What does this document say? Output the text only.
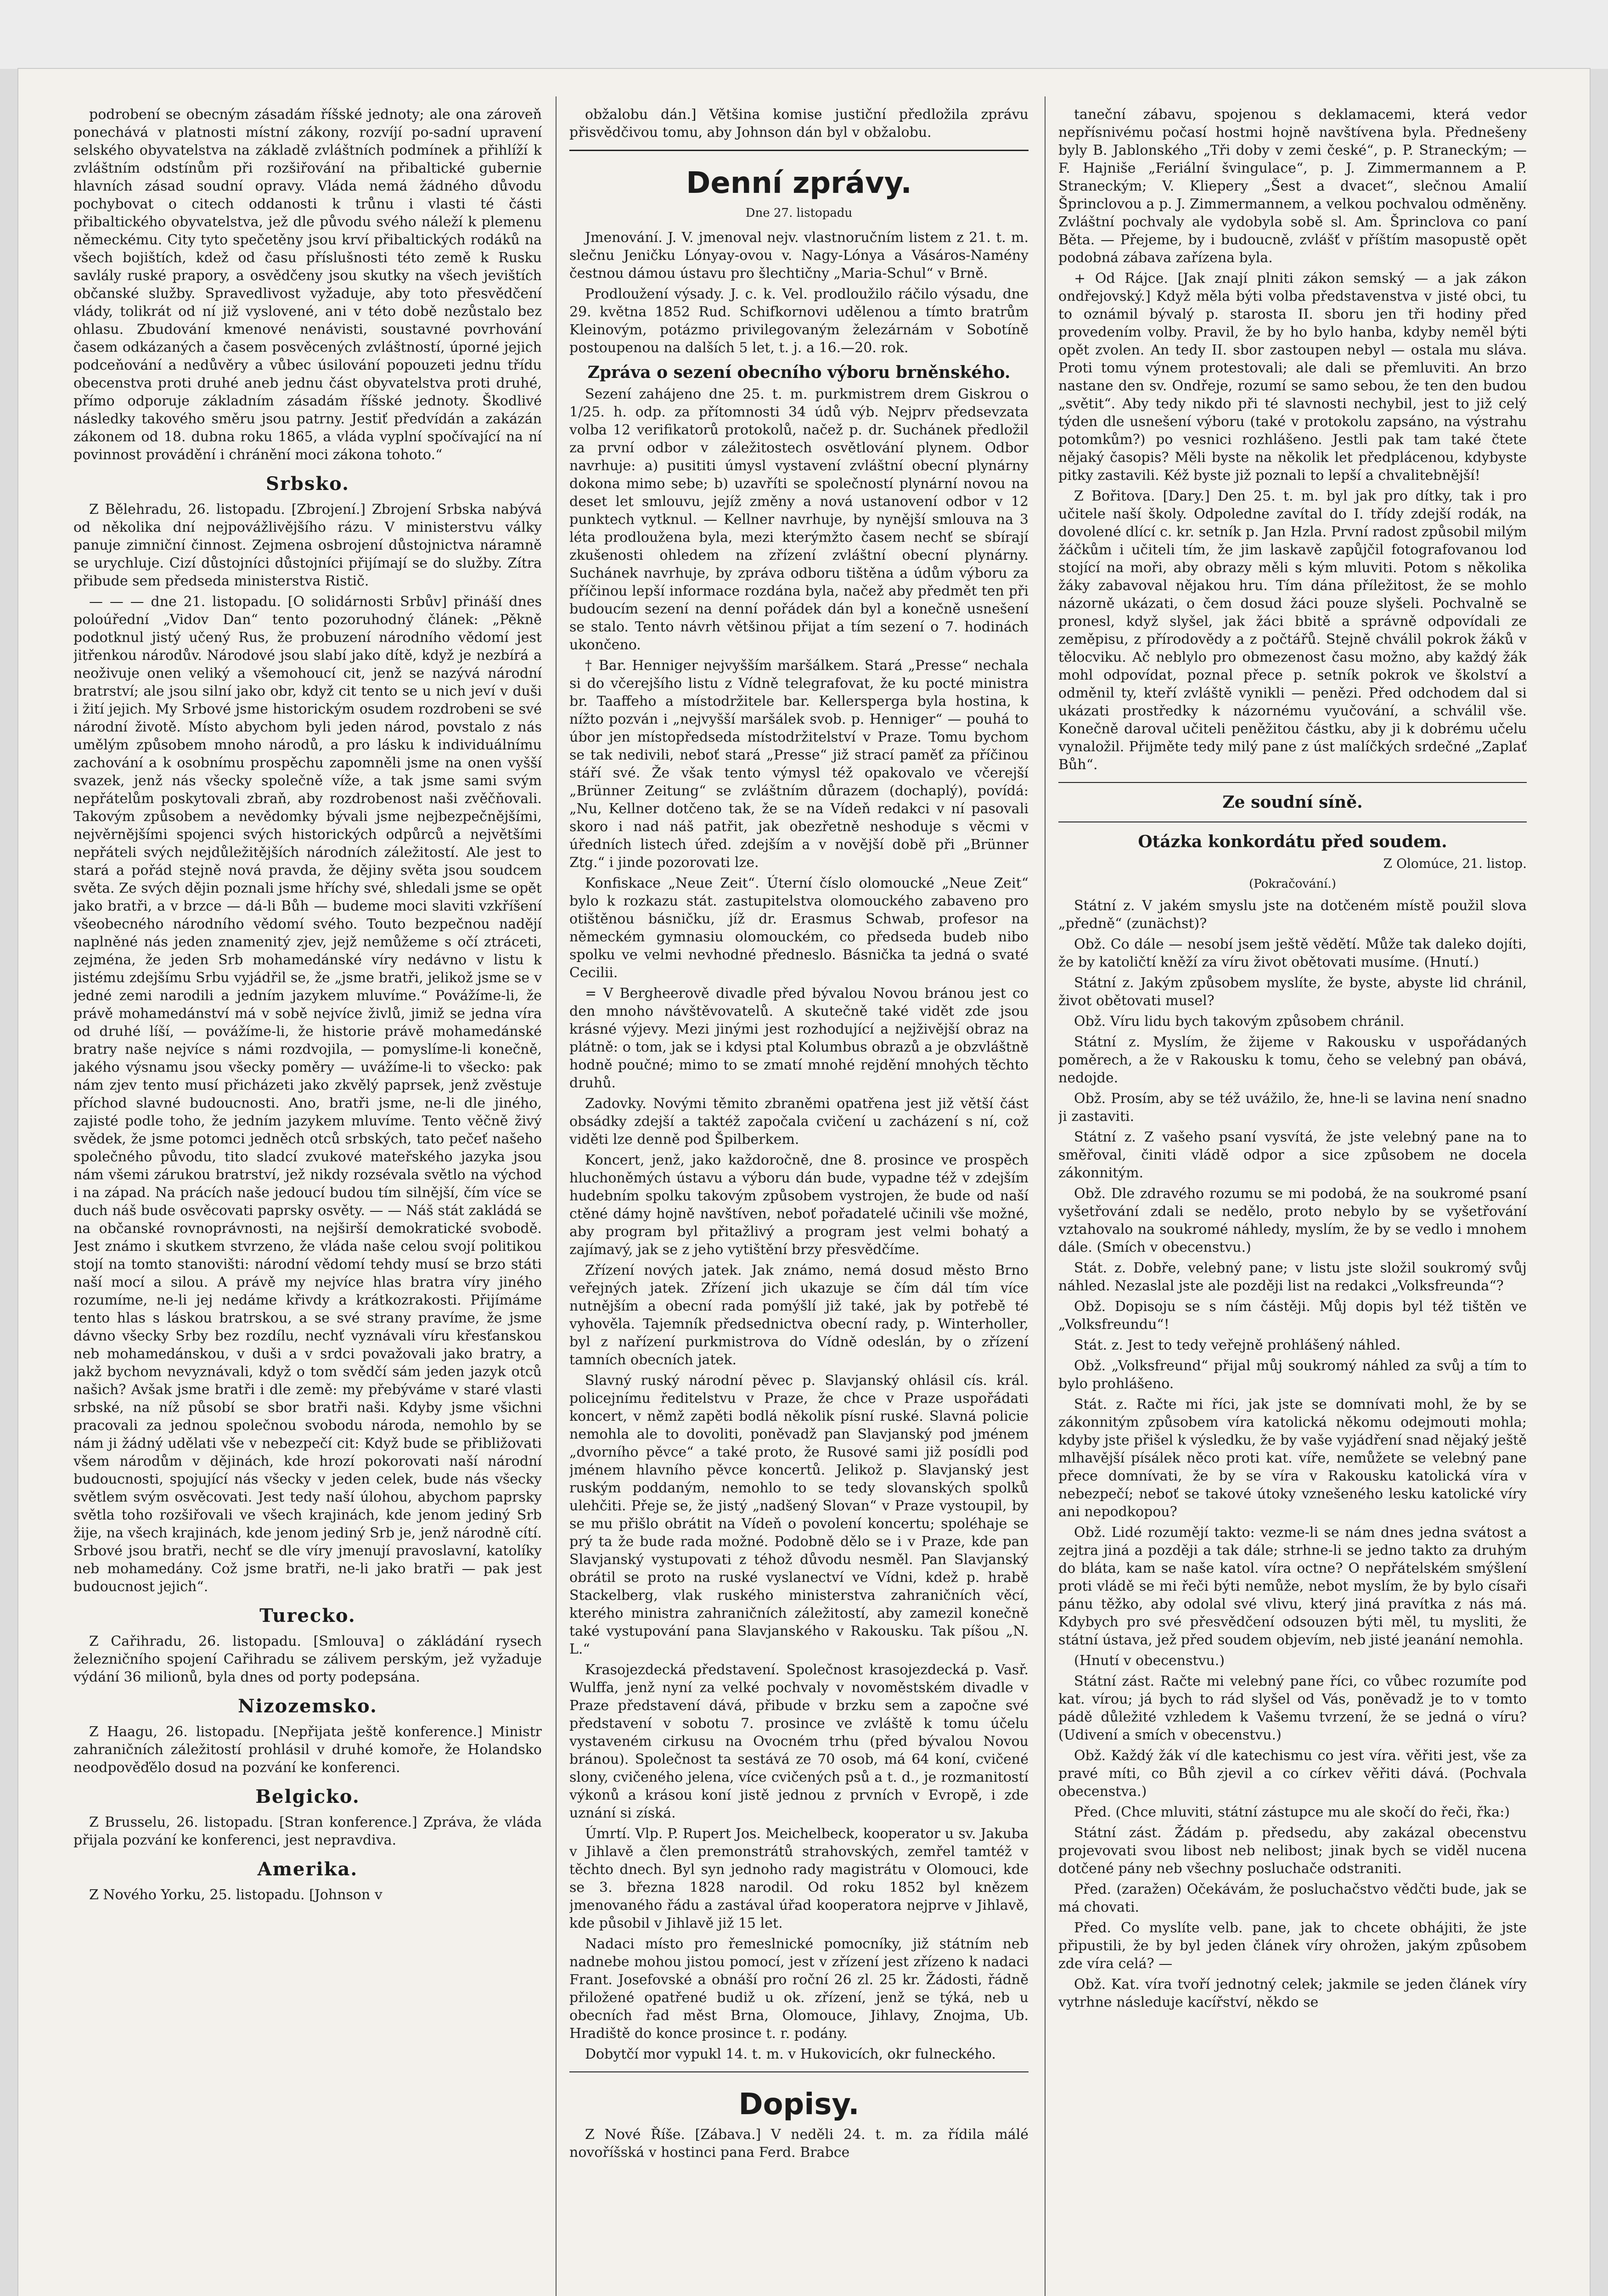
podrobení se obecným zásadám říšské jednoty; ale ona zároveň ponechává v platnosti místní zákony, rozvíjí po-sadní upravení selského obyvatelstva na základě zvláštních podmínek a přihlíží k zvláštním odstínům při rozšiřování na přibaltické gubernie hlavních zásad soudní opravy. Vláda nemá žádného důvodu pochybovat o citech oddanosti k trůnu i vlasti té části přibaltického obyvatelstva, jež dle původu svého náleží k plemenu německému. City tyto spečetěny jsou krví přibaltických rodáků na všech bojištích, kdež od času příslušnosti této země k Rusku savlály ruské prapory, a osvědčeny jsou skutky na všech jevištích občanské služby. Spravedlivost vyžaduje, aby toto přesvědčení vlády, tolikrát od ní již vyslovené, ani v této době nezůstalo bez ohlasu. Zbudování kmenové nenávisti, soustavné povrhování časem odkázaných a časem posvěcených zvláštností, úporné jejich podceňování a nedůvěry a vůbec úsilování popouzeti jednu třídu obecenstva proti druhé aneb jednu část obyvatelstva proti druhé, přímo odporuje základním zásadám říšské jednoty. Škodlivé následky takového směru jsou patrny. Jestiť předvídán a zakázán zákonem od 18. dubna roku 1865, a vláda vyplní spočívající na ní povinnost provádění i chránění moci zákona tohoto.“

Srbsko.

Z Bělehradu, 26. listopadu. [Zbrojení.] Zbrojení Srbska nabývá od několika dní nejpovážlivějšího rázu. V ministerstvu války panuje zimniční činnost. Zejmena osbrojení důstojnictva náramně se urychluje. Cizí důstojníci důstojníci přijímají se do služby. Zítra přibude sem předseda ministerstva Ristič.

— — — dne 21. listopadu. [O solidárnosti Srbův] přináší dnes poloúřední „Vidov Dan“ tento pozoruhodný článek: „Pěkně podotknul jistý učený Rus, že probuzení národního vědomí jest jitřenkou národův. Národové jsou slabí jako dítě, když je nezbírá a neoživuje onen veliký a všemohoucí cit, jenž se nazývá národní bratrství; ale jsou silní jako obr, když cit tento se u nich jeví v duši i žití jejich. My Srbové jsme historickým osudem rozdrobeni se své národní životě. Místo abychom byli jeden národ, povstalo z nás umělým způsobem mnoho národů, a pro lásku k individuálnímu zachování a k osobnímu prospěchu zapomněli jsme na onen vyšší svazek, jenž nás všecky společně víže, a tak jsme sami svým nepřátelům poskytovali zbraň, aby rozdrobenost naši zvěčňovali. Takovým způsobem a nevědomky bývali jsme nejbezpečnějšími, nejvěrnějšími spojenci svých historických odpůrců a největšími nepřáteli svých nejdůležitějších národních záležitostí. Ale jest to stará a pořád stejně nová pravda, že dějiny světa jsou soudcem světa. Ze svých dějin poznali jsme hříchy své, shledali jsme se opět jako bratři, a v brzce — dá-li Bůh — budeme moci slaviti vzkříšení všeobecného národního vědomí svého. Touto bezpečnou nadějí naplněné nás jeden znamenitý zjev, jejž nemůžeme s očí ztráceti, zejména, že jeden Srb mohamedánské víry nedávno v listu k jistému zdejšímu Srbu vyjádřil se, že „jsme bratři, jelikož jsme se v jedné zemi narodili a jedním jazykem mluvíme.“ Povážíme-li, že právě mohamedánství má v sobě nejvíce živlů, jimiž se jedna víra od druhé líší, — povážíme-li, že historie právě mohamedánské bratry naše nejvíce s námi rozdvojila, — pomyslíme-li konečně, jakého výsnamu jsou všecky poměry — uvážíme-li to všecko: pak nám zjev tento musí přicházeti jako zkvělý paprsek, jenž zvěstuje příchod slavné budoucnosti. Ano, bratři jsme, ne-li dle jiného, zajisté podle toho, že jedním jazykem mluvíme. Tento věčně živý svědek, že jsme potomci jedněch otců srbských, tato pečeť našeho společného původu, tito sladcí zvukové mateřského jazyka jsou nám všemi zárukou bratrství, jež nikdy rozsévala světlo na východ i na západ. Na prácích naše jedoucí budou tím silnější, čím více se duch náš bude osvěcovati paprsky osvěty. — — Náš stát zakládá se na občanské rovnoprávnosti, na nejširší demokratické svobodě. Jest známo i skutkem stvrzeno, že vláda naše celou svojí politikou stojí na tomto stanovišti: národní vědomí tehdy musí se brzo státi naší mocí a silou. A právě my nejvíce hlas bratra víry jiného rozumíme, ne-li jej nedáme křivdy a krátkozrakosti. Přijímáme tento hlas s láskou bratrskou, a se své strany pravíme, že jsme dávno všecky Srby bez rozdílu, nechť vyznávali víru křesťanskou neb mohamedánskou, v duši a v srdci považovali jako bratry, a jakž bychom nevyznávali, když o tom svědčí sám jeden jazyk otců našich? Avšak jsme bratři i dle země: my přebýváme v staré vlasti srbské, na níž působí se sbor bratři naši. Kdyby jsme všichni pracovali za jednou společnou svobodu národa, nemohlo by se nám ji žádný udělati vše v nebezpečí cit: Když bude se přibližovati všem národům v dějinách, kde hrozí pokorovati naší národní budoucnosti, spojující nás všecky v jeden celek, bude nás všecky světlem svým osvěcovati. Jest tedy naší úlohou, abychom paprsky světla toho rozšiřovali ve všech krajinách, kde jenom jediný Srb žije, na všech krajinách, kde jenom jediný Srb je, jenž národně cítí. Srbové jsou bratři, nechť se dle víry jmenují pravoslavní, katolíky neb mohamedány. Což jsme bratři, ne-li jako bratři — pak jest budoucnost jejich“.

Turecko.

Z Cařihradu, 26. listopadu. [Smlouva] o zákládání rysech železničního spojení Cařihradu se zálivem perským, jež vyžaduje výdání 36 milionů, byla dnes od porty podepsána.

Nizozemsko.

Z Haagu, 26. listopadu. [Nepřijata ještě konference.] Ministr zahraničních záležitostí prohlásil v druhé komoře, že Holandsko neodpověďělo dosud na pozvání ke konferenci.

Belgicko.

Z Brusselu, 26. listopadu. [Stran konference.] Zpráva, že vláda přijala pozvání ke konferenci, jest nepravdiva.

Amerika.

Z Nového Yorku, 25. listopadu. [Johnson v

obžalobu dán.] Většina komise justiční předložila zprávu přisvědčivou tomu, aby Johnson dán byl v obžalobu.

Denní zprávy.
Dne 27. listopadu

Jmenování. J. V. jmenoval nejv. vlastnoručním listem z 21. t. m. slečnu Jeničku Lónyay-ovou v. Nagy-Lónya a Vásáros-Namény čestnou dámou ústavu pro šlechtičny „Maria-Schul“ v Brně.

Prodloužení výsady. J. c. k. Vel. prodloužilo ráčilo výsadu, dne 29. května 1852 Rud. Schifkornovi udělenou a tímto bratrům Kleinovým, potázmo privilegovaným železárnám v Sobotíně postoupenou na dalších 5 let, t. j. a 16.—20. rok.

Zpráva o sezení obecního výboru brněnského.

Sezení zahájeno dne 25. t. m. purkmistrem drem Giskrou o 1/25. h. odp. za přítomnosti 34 údů výb. Nejprv předsevzata volba 12 verifikatorů protokolů, načež p. dr. Suchánek předložil za první odbor v záležitostech osvětlování plynem. Odbor navrhuje: a) pusititi úmysl vystavení zvláštní obecní plynárny dokona mimo sebe; b) uzavříti se společností plynární novou na deset let smlouvu, jejíž změny a nová ustanovení odbor v 12 punktech vytknul. — Kellner navrhuje, by nynější smlouva na 3 léta prodloužena byla, mezi kterýmžto časem nechť se sbírají zkušenosti ohledem na zřízení zvláštní obecní plynárny. Suchánek navrhuje, by zpráva odboru tištěna a údům výboru za příčinou lepší informace rozdána byla, načež aby předmět ten při budoucím sezení na denní pořádek dán byl a konečně usnešení se stalo. Tento návrh většinou přijat a tím sezení o 7. hodinách ukončeno.

† Bar. Henniger nejvyšším maršálkem. Stará „Presse“ nechala si do včerejšího listu z Vídně telegrafovat, že ku pocté ministra br. Taaffeho a místodržitele bar. Kellersperga byla hostina, k nížto pozván i „nejvyšší maršálek svob. p. Henniger“ — pouhá to úbor jen místopředseda místodržitelství v Praze. Tomu bychom se tak nedivili, neboť stará „Presse“ již strací paměť za příčinou stáří své. Že však tento výmysl též opakovalo ve včerejší „Brünner Zeitung“ se zvláštním důrazem (dochaplý), povídá: „Nu, Kellner dotčeno tak, že se na Vídeň redakci v ní pasovali skoro i nad náš patřit, jak obezřetně neshoduje s věcmi v úředních listech úřed. zdejším a v novější době při „Brünner Ztg.“ i jinde pozorovati lze.

Konfiskace „Neue Zeit“. Úterní číslo olomoucké „Neue Zeit“ bylo k rozkazu stát. zastupitelstva olomouckého zabaveno pro otištěnou básničku, jíž dr. Erasmus Schwab, profesor na německém gymnasiu olomouckém, co předseda budeb nibo spolku ve velmi nevhodné předneslo. Básnička ta jedná o svaté Cecilii.

= V Bergheerově divadle před bývalou Novou bránou jest co den mnoho návštěvovatelů. A skutečně také vidět zde jsou krásné výjevy. Mezi jinými jest rozhodující a nejživější obraz na plátně: o tom, jak se i kdysi ptal Kolumbus obrazů a je obzvláštně hodně poučné; mimo to se zmatí mnohé rejdění mnohých těchto druhů.

Zadovky. Novými těmito zbraněmi opatřena jest již větší část obsádky zdejší a taktéž započala cvičení u zacházení s ní, což viděti lze denně pod Špilberkem.

Koncert, jenž, jako každoročně, dne 8. prosince ve prospěch hluchoněmých ústavu a výboru dán bude, vypadne též v zdejším hudebním spolku takovým způsobem vystrojen, že bude od naší ctěné dámy hojně navštíven, neboť pořadatelé učinili vše možné, aby program byl přitažlivý a program jest velmi bohatý a zajímavý, jak se z jeho vytištění brzy přesvědčíme.

Zřízení nových jatek. Jak známo, nemá dosud město Brno veřejných jatek. Zřízení jich ukazuje se čím dál tím více nutnějším a obecní rada pomýšlí již také, jak by potřebě té vyhověla. Tajemník předsednictva obecní rady, p. Winterholler, byl z nařízení purkmistrova do Vídně odeslán, by o zřízení tamních obecních jatek.

Slavný ruský národní pěvec p. Slavjanský ohlásil cís. král. policejnímu ředitelstvu v Praze, že chce v Praze uspořádati koncert, v němž zapěti bodlá několik písní ruské. Slavná policie nemohla ale to dovoliti, poněvadž pan Slavjanský pod jménem „dvorního pěvce“ a také proto, že Rusové sami již posídli pod jménem hlavního pěvce koncertů. Jelikož p. Slavjanský jest ruským poddaným, nemohlo to se tedy slovanských spolků ulehčiti. Přeje se, že jistý „nadšený Slovan“ v Praze vystoupil, by se mu přišlo obrátit na Vídeň o povolení koncertu; spoléhaje se prý ta že bude rada možné. Podobně dělo se i v Praze, kde pan Slavjanský vystupovati z téhož důvodu nesměl. Pan Slavjanský obrátil se proto na ruské vyslanectví ve Vídni, kdež p. hrabě Stackelberg, vlak ruského ministerstva zahraničních věcí, kterého ministra zahraničních záležitostí, aby zamezil konečně také vystupování pana Slavjanského v Rakousku. Tak píšou „N. L.“

Krasojezdecká představení. Společnost krasojezdecká p. Vasř. Wulffa, jenž nyní za velké pochvaly v novoměstském divadle v Praze představení dává, přibude v brzku sem a započne své představení v sobotu 7. prosince ve zvláště k tomu účelu vystaveném cirkusu na Ovocném trhu (před bývalou Novou bránou). Společnost ta sestává ze 70 osob, má 64 koní, cvičené slony, cvičeného jelena, více cvičených psů a t. d., je rozmanitostí výkonů a krásou koní jistě jednou z prvních v Evropě, i zde uznání si získá.

Úmrtí. Vlp. P. Rupert Jos. Meichelbeck, kooperator u sv. Jakuba v Jihlavě a člen premonstrátů strahovských, zemřel tamtéž v těchto dnech. Byl syn jednoho rady magistrátu v Olomouci, kde se 3. března 1828 narodil. Od roku 1852 byl knězem jmenovaného řádu a zastával úřad kooperatora nejprve v Jihlavě, kde působil v Jihlavě již 15 let.

Nadaci místo pro řemeslnické pomocníky, již státním neb nadnebe mohou jistou pomocí, jest v zřízení jest zřízeno k nadaci Frant. Josefovské a obnáší pro roční 26 zl. 25 kr. Žádosti, řádně přiložené opatřené budiž u ok. zřízení, jenž se týká, neb u obecních řad měst Brna, Olomouce, Jihlavy, Znojma, Ub. Hradiště do konce prosince t. r. podány.

Dobytčí mor vypukl 14. t. m. v Hukovicích, okr fulneckého.

Dopisy.

Z Nové Říše. [Zábava.] V neděli 24. t. m. za řídila málé novoříšská v hostinci pana Ferd. Brabce

taneční zábavu, spojenou s deklamacemi, která vedor nepřísnivému počasí hostmi hojně navštívena byla. Přednešeny byly B. Jablonského „Tři doby v zemi české“, p. P. Straneckým; — F. Hajniše „Feriální švingulace“, p. J. Zimmermannem a P. Straneckým; V. Kliepery „Šest a dvacet“, slečnou Amalií Šprinclovou a p. J. Zimmermannem, a velkou pochvalou odměněny. Zvláštní pochvaly ale vydobyla sobě sl. Am. Šprinclova co paní Běta. — Přejeme, by i budoucně, zvlášť v příštím masopustě opět podobná zábava zařízena byla.

+ Od Rájce. [Jak znají plniti zákon semský — a jak zákon ondřejovský.] Když měla býti volba představenstva v jisté obci, tu to oznámil bývalý p. starosta II. sboru jen tři hodiny před provedením volby. Pravil, že by ho bylo hanba, kdyby neměl býti opět zvolen. An tedy II. sbor zastoupen nebyl — ostala mu sláva. Proti tomu výnem protestovali; ale dali se přemluviti. An brzo nastane den sv. Ondřeje, rozumí se samo sebou, že ten den budou „světit“. Aby tedy nikdo při té slavnosti nechybil, jest to již celý týden dle usnešení výboru (také v protokolu zapsáno, na výstrahu potomkům?) po vesnici rozhlášeno. Jestli pak tam také čtete nějaký časopis? Měli byste na několik let předplácenou, kdybyste pitky zastavili. Kéž byste již poznali to lepší a chvalitebnější!

Z Bořitova. [Dary.] Den 25. t. m. byl jak pro dítky, tak i pro učitele naší školy. Odpoledne zavítal do I. třídy zdejší rodák, na dovolené dlící c. kr. setník p. Jan Hzla. První radost způsobil milým žáčkům i učiteli tím, že jim laskavě zapůjčil fotografovanou lod stojící na moři, aby obrazy měli s kým mluviti. Potom s několika žáky zabavoval nějakou hru. Tím dána příležitost, že se mohlo názorně ukázati, o čem dosud žáci pouze slyšeli. Pochvalně se pronesl, když slyšel, jak žáci bbitě a správně odpovídali ze zeměpisu, z přírodovědy a z počtářů. Stejně chválil pokrok žáků v tělocviku. Ač neblylo pro obmezenost času možno, aby každý žák mohl odpovídat, poznal přece p. setník pokrok ve školství a odměnil ty, kteří zvláště vynikli — penězi. Před odchodem dal si ukázati prostředky k názornému vyučování, a schválil vše. Konečně daroval učiteli peněžitou částku, aby ji k dobrému učelu vynaložil. Přijměte tedy milý pane z úst malíčkých srdečné „Zaplať Bůh“.

Ze soudní síně.
Otázka konkordátu před soudem.
Z Olomúce, 21. listop.
(Pokračování.)

Státní z. V jakém smyslu jste na dotčeném místě použil slova „předně“ (zunächst)?

Obž. Co dále — nesobí jsem ještě vědětí. Může tak daleko dojíti, že by katoličtí kněží za víru život obětovati musíme. (Hnutí.)

Státní z. Jakým způsobem myslíte, že byste, abyste lid chránil, život obětovati musel?

Obž. Víru lidu bych takovým způsobem chránil.

Státní z. Myslím, že žijeme v Rakousku v uspořádaných poměrech, a že v Rakousku k tomu, čeho se velebný pan obává, nedojde.

Obž. Prosím, aby se též uvážilo, že, hne-li se lavina není snadno ji zastaviti.

Státní z. Z vašeho psaní vysvítá, že jste velebný pane na to směřoval, činiti vládě odpor a sice způsobem ne docela zákonnitým.

Obž. Dle zdravého rozumu se mi podobá, že na soukromé psaní vyšetřování zdali se nedělo, proto nebylo by se vyšetřování vztahovalo na soukromé náhledy, myslím, že by se vedlo i mnohem dále. (Smích v obecenstvu.)

Stát. z. Dobře, velebný pane; v listu jste složil soukromý svůj náhled. Nezaslal jste ale později list na redakci „Volksfreunda“?

Obž. Dopisoju se s ním částěji. Můj dopis byl též tištěn ve „Volksfreundu“!

Stát. z. Jest to tedy veřejně prohlášený náhled.

Obž. „Volksfreund“ přijal můj soukromý náhled za svůj a tím to bylo prohlášeno.

Stát. z. Račte mi říci, jak jste se domnívati mohl, že by se zákonnitým způsobem víra katolická někomu odejmouti mohla; kdyby jste přišel k výsledku, že by vaše vyjádření snad nějaký ještě mlhavější písálek něco proti kat. víře, nemůžete se velebný pane přece domnívati, že by se víra v Rakousku katolická víra v nebezpečí; neboť se takové útoky vznešeného lesku katolické víry ani nepodkopou?

Obž. Lidé rozumějí takto: vezme-li se nám dnes jedna svátost a zejtra jiná a později a tak dále; strhne-li se jedno takto za druhým do bláta, kam se naše katol. víra octne? O nepřátelském smýšlení proti vládě se mi řeči býti nemůže, nebot myslím, že by bylo císaři pánu těžko, aby odolal své vlivu, který jiná pravítka z nás má. Kdybych pro své přesvědčení odsouzen býti měl, tu mysliti, že státní ústava, jež před soudem objevím, neb jisté jeanání nemohla.

(Hnutí v obecenstvu.)

Státní zást. Račte mi velebný pane říci, co vůbec rozumíte pod kat. vírou; já bych to rád slyšel od Vás, poněvadž je to v tomto pádě důležité vzhledem k Vašemu tvrzení, že se jedná o víru? (Udivení a smích v obecenstvu.)

Obž. Každý žák ví dle katechismu co jest víra. věřiti jest, vše za pravé míti, co Bůh zjevil a co církev věřiti dává. (Pochvala obecenstva.)

Před. (Chce mluviti, státní zástupce mu ale skočí do řeči, řka:)

Státní zást. Žádám p. předsedu, aby zakázal obecenstvu projevovati svou libost neb nelibost; jinak bych se viděl nucena dotčené pány neb všechny posluchače odstraniti.

Před. (zaražen) Očekávám, že posluchačstvo vědčti bude, jak se má chovati.

Před. Co myslíte velb. pane, jak to chcete obhájiti, že jste připustili, že by byl jeden článek víry ohrožen, jakým způsobem zde víra celá? —

Obž. Kat. víra tvoří jednotný celek; jakmile se jeden článek víry vytrhne následuje kacířství, někdo se
